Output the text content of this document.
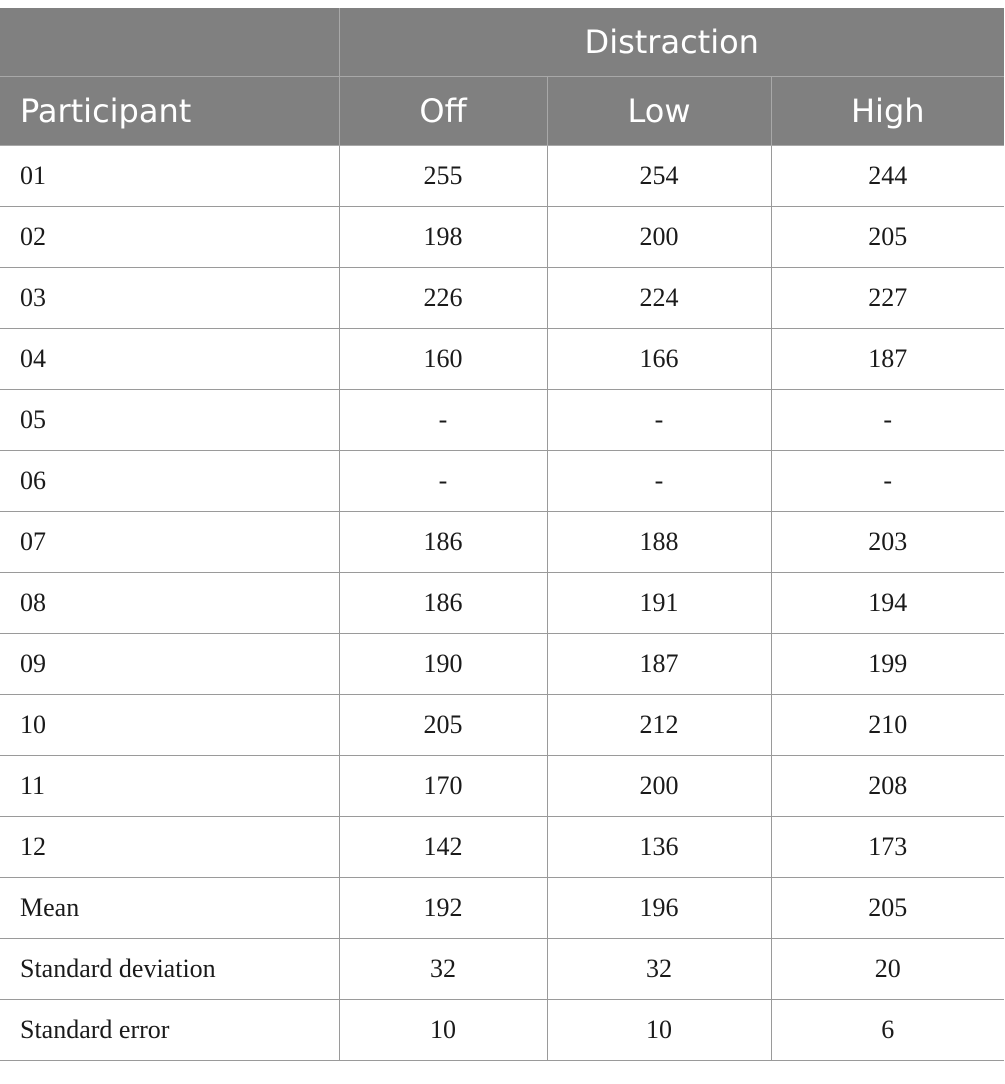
	Distraction		
Participant	Off	Low	High
01	255	254	244
02	198	200	205
03	226	224	227
04	160	166	187
05	-	-	-
06	-	-	-
07	186	188	203
08	186	191	194
09	190	187	199
10	205	212	210
11	170	200	208
12	142	136	173
Mean	192	196	205
Standard deviation	32	32	20
Standard error	10	10	6
